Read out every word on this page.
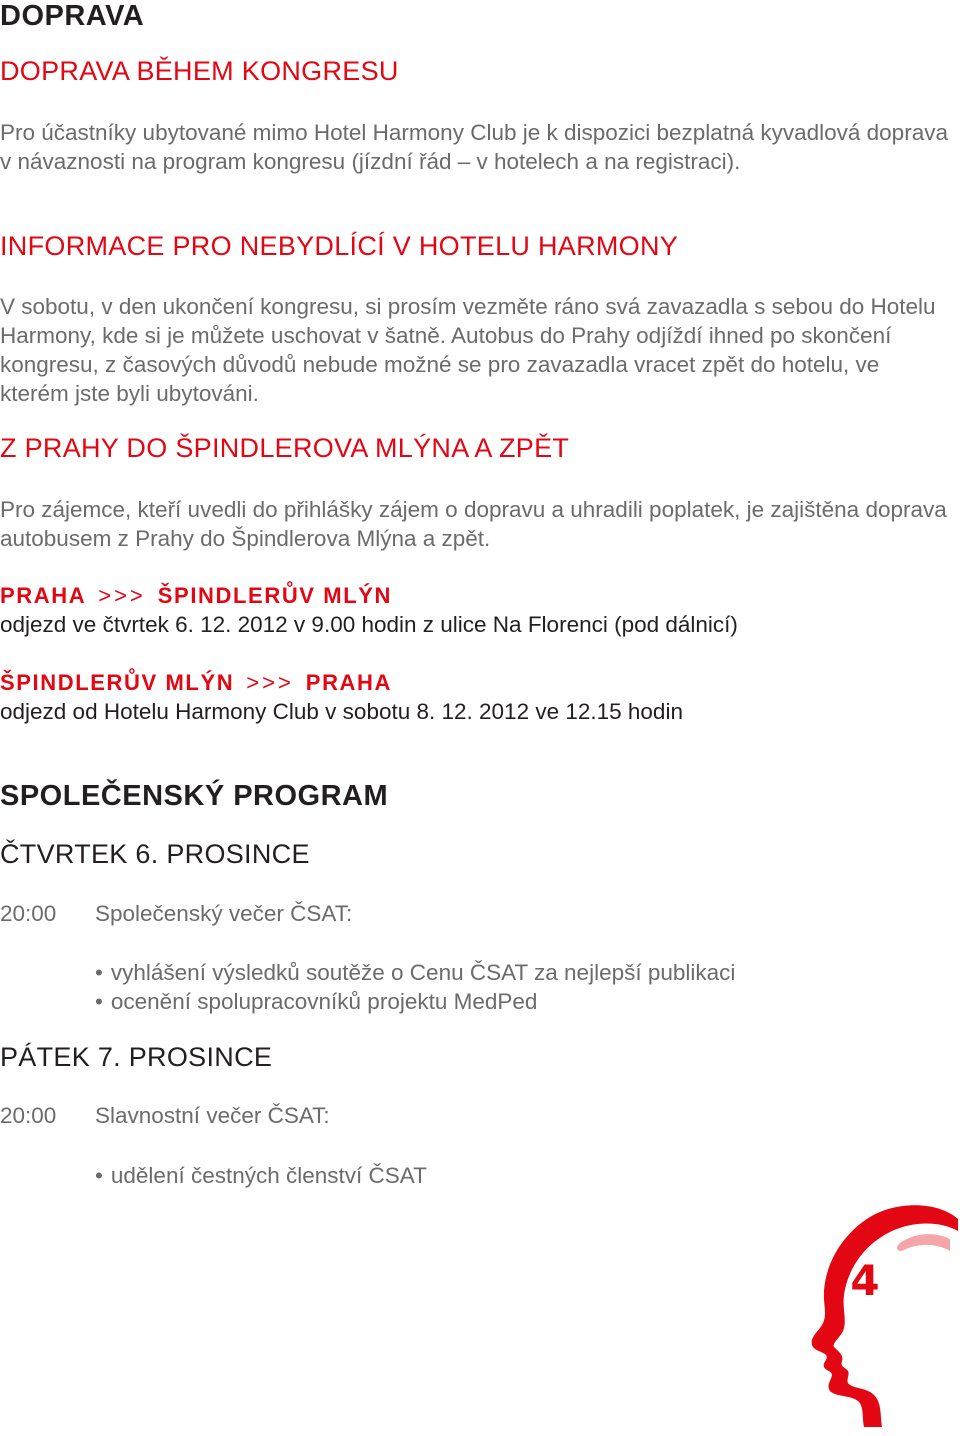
DOPRAVA
DOPRAVA BĚHEM KONGRESU
Pro účastníky ubytované mimo Hotel Harmony Club je k dispozici bezplatná kyvadlová doprava v návaznosti na program kongresu (jízdní řád – v hotelech a na registraci).
INFORMACE PRO NEBYDLÍCÍ V HOTELU HARMONY
V sobotu, v den ukončení kongresu, si prosím vezměte ráno svá zavazadla s sebou do Hotelu Harmony, kde si je můžete uschovat v šatně. Autobus do Prahy odjíždí ihned po skončení kongresu, z časových důvodů nebude možné se pro zavazadla vracet zpět do hotelu, ve kterém jste byli ubytováni.
Z PRAHY DO ŠPINDLEROVA MLÝNA A ZPĚT
Pro zájemce, kteří uvedli do přihlášky zájem o dopravu a uhradili poplatek, je zajištěna doprava autobusem z Prahy do Špindlerova Mlýna a zpět.
PRAHA >>> ŠPINDLERŮV MLÝN
odjezd ve čtvrtek 6. 12. 2012 v 9.00 hodin z ulice Na Florenci (pod dálnicí)
ŠPINDLERŮV MLÝN >>> PRAHA
odjezd od Hotelu Harmony Club v sobotu 8. 12. 2012 ve 12.15 hodin
SPOLEČENSKÝ PROGRAM
ČTVRTEK 6. PROSINCE
20:00 Společenský večer ČSAT:
• vyhlášení výsledků soutěže o Cenu ČSAT za nejlepší publikaci
• ocenění spolupracovníků projektu MedPed
PÁTEK 7. PROSINCE
20:00 Slavnostní večer ČSAT:
• udělení čestných členství ČSAT
4
